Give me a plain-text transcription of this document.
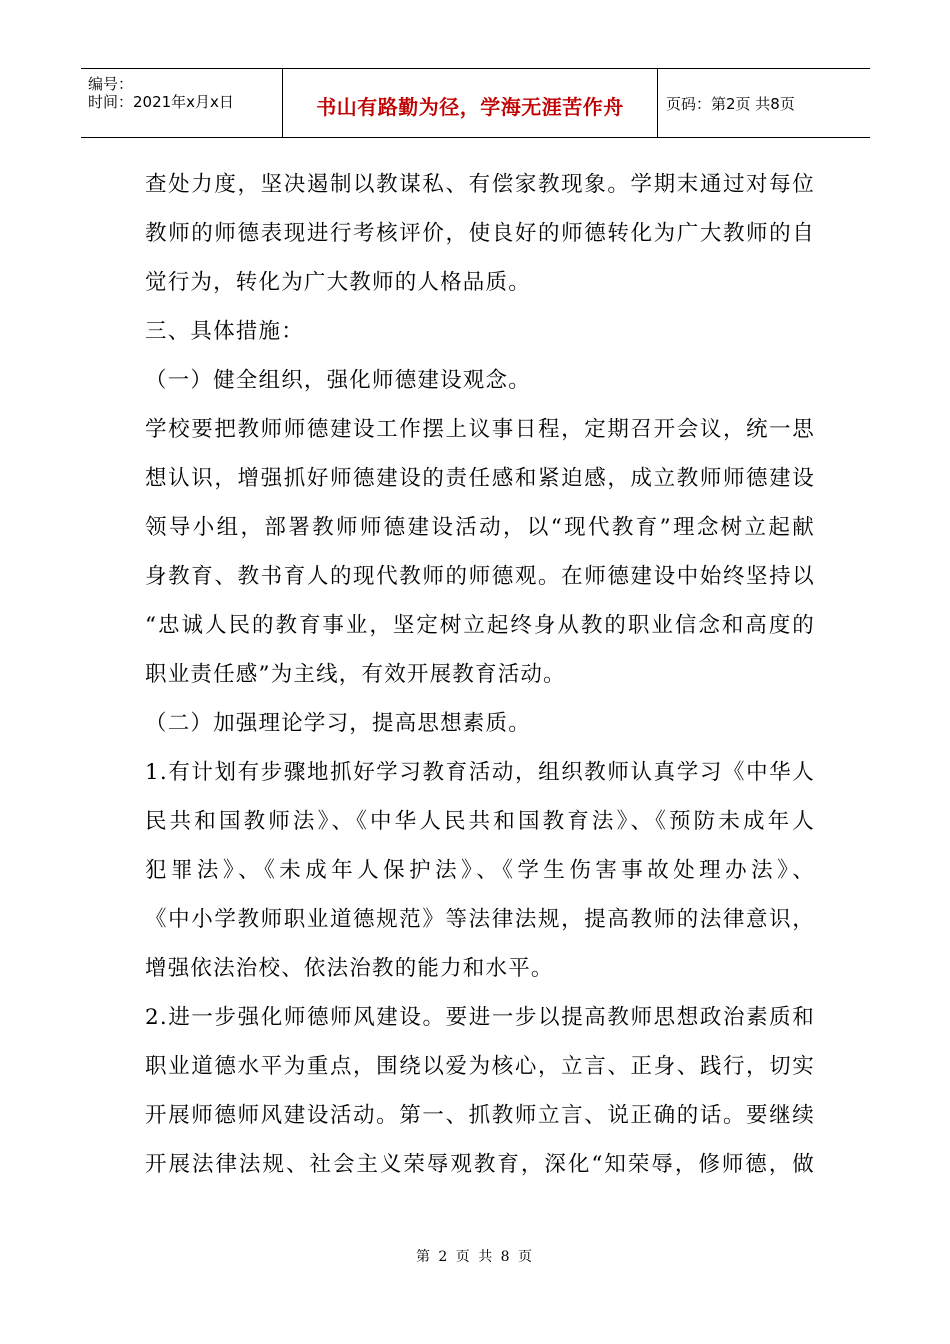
编号：
时间：2021年x月x日	书山有路勤为径，学海无涯苦作舟	页码：第2页 共8页

查处力度，坚决遏制以教谋私、有偿家教现象。学期末通过对每位

教师的师德表现进行考核评价，使良好的师德转化为广大教师的自

觉行为，转化为广大教师的人格品质。

三、具体措施：

（一）健全组织，强化师德建设观念。

学校要把教师师德建设工作摆上议事日程，定期召开会议，统一思

想认识，增强抓好师德建设的责任感和紧迫感，成立教师师德建设

领导小组，部署教师师德建设活动，以“现代教育”理念树立起献

身教育、教书育人的现代教师的师德观。在师德建设中始终坚持以

“忠诚人民的教育事业，坚定树立起终身从教的职业信念和高度的

职业责任感”为主线，有效开展教育活动。

（二）加强理论学习，提高思想素质。

1.有计划有步骤地抓好学习教育活动，组织教师认真学习《中华人

民共和国教师法》、《中华人民共和国教育法》、《预防未成年人

犯罪法》、《未成年人保护法》、《学生伤害事故处理办法》、

《中小学教师职业道德规范》等法律法规，提高教师的法律意识，

增强依法治校、依法治教的能力和水平。

2.进一步强化师德师风建设。要进一步以提高教师思想政治素质和

职业道德水平为重点，围绕以爱为核心，立言、正身、践行，切实

开展师德师风建设活动。第一、抓教师立言、说正确的话。要继续

开展法律法规、社会主义荣辱观教育，深化“知荣辱，修师德，做

第 2 页 共 8 页
